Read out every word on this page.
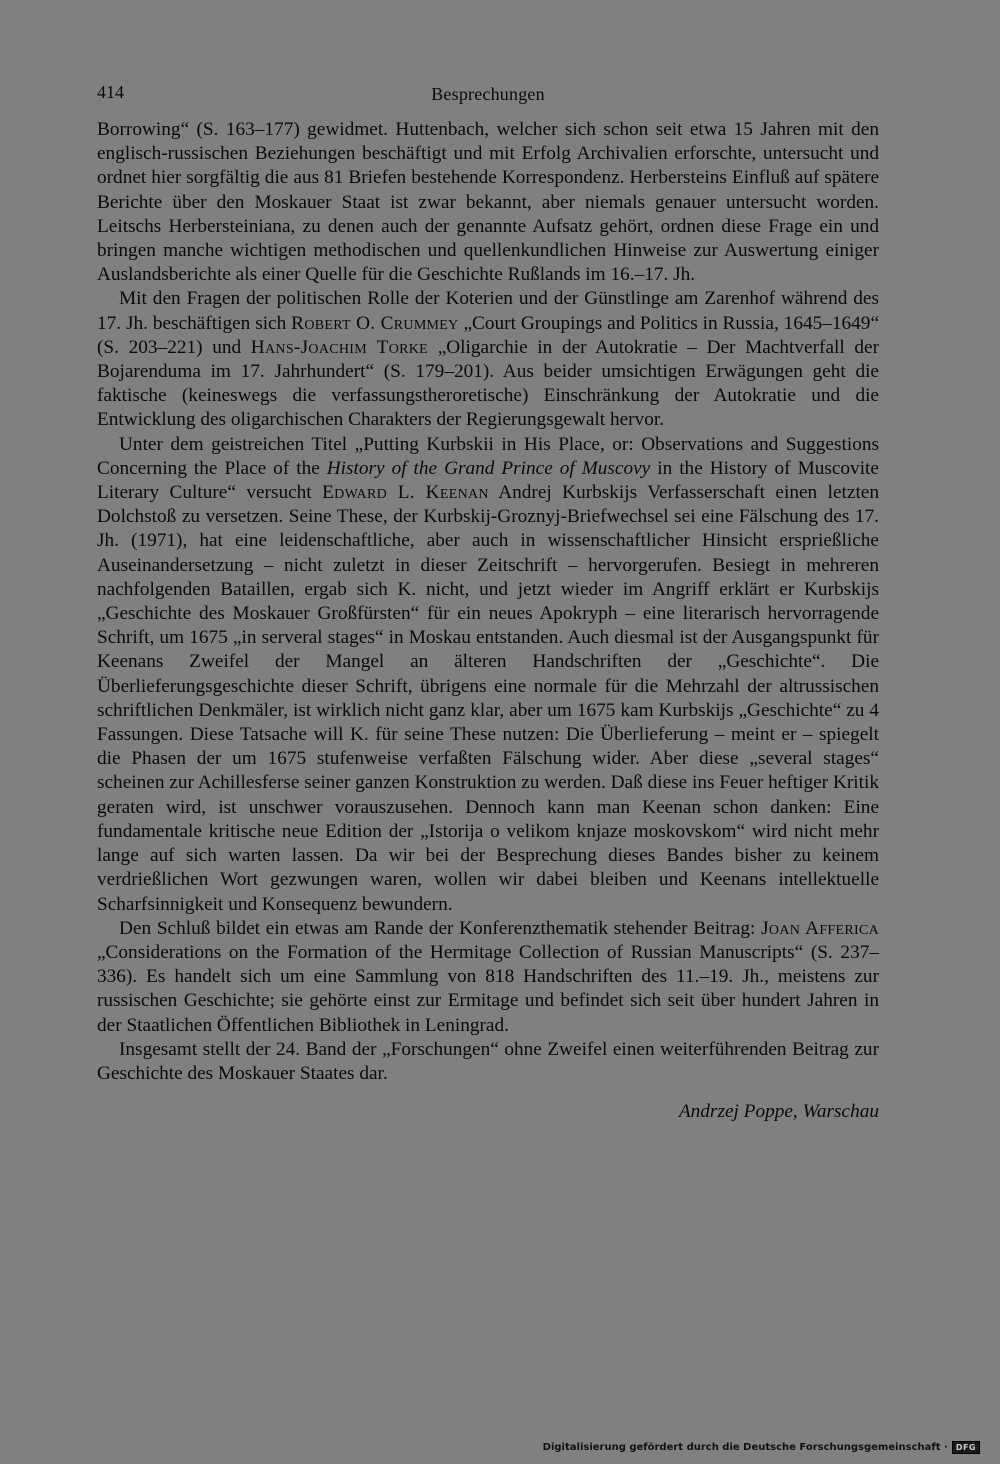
414	Besprechungen

Borrowing“ (S. 163–177) gewidmet. Huttenbach, welcher sich schon seit etwa 15 Jahren mit den englisch-russischen Beziehungen beschäftigt und mit Erfolg Archivalien erforschte, untersucht und ordnet hier sorgfältig die aus 81 Briefen bestehende Korrespondenz. Herbersteins Einfluß auf spätere Berichte über den Moskauer Staat ist zwar bekannt, aber niemals genauer untersucht worden. Leitschs Herbersteiniana, zu denen auch der genannte Aufsatz gehört, ordnen diese Frage ein und bringen manche wichtigen methodischen und quellenkundlichen Hinweise zur Auswertung einiger Auslandsberichte als einer Quelle für die Geschichte Rußlands im 16.–17. Jh.

Mit den Fragen der politischen Rolle der Koterien und der Günstlinge am Zarenhof während des 17. Jh. beschäftigen sich Robert O. Crummey „Court Groupings and Politics in Russia, 1645–1649“ (S. 203–221) und Hans-Joachim Torke „Oligarchie in der Autokratie – Der Machtverfall der Bojarenduma im 17. Jahrhundert“ (S. 179–201). Aus beider umsichtigen Erwägungen geht die faktische (keineswegs die verfassungstheroretische) Einschränkung der Autokratie und die Entwicklung des oligarchischen Charakters der Regierungsgewalt hervor.

Unter dem geistreichen Titel „Putting Kurbskii in His Place, or: Observations and Suggestions Concerning the Place of the History of the Grand Prince of Muscovy in the History of Muscovite Literary Culture“ versucht Edward L. Keenan Andrej Kurbskijs Verfasserschaft einen letzten Dolchstoß zu versetzen. Seine These, der Kurbskij-Groznyj-Briefwechsel sei eine Fälschung des 17. Jh. (1971), hat eine leidenschaftliche, aber auch in wissenschaftlicher Hinsicht ersprießliche Auseinandersetzung – nicht zuletzt in dieser Zeitschrift – hervorgerufen. Besiegt in mehreren nachfolgenden Bataillen, ergab sich K. nicht, und jetzt wieder im Angriff erklärt er Kurbskijs „Geschichte des Moskauer Großfürsten“ für ein neues Apokryph – eine literarisch hervorragende Schrift, um 1675 „in serveral stages“ in Moskau entstanden. Auch diesmal ist der Ausgangspunkt für Keenans Zweifel der Mangel an älteren Handschriften der „Geschichte“. Die Überlieferungsgeschichte dieser Schrift, übrigens eine normale für die Mehrzahl der altrussischen schriftlichen Denkmäler, ist wirklich nicht ganz klar, aber um 1675 kam Kurbskijs „Geschichte“ zu 4 Fassungen. Diese Tatsache will K. für seine These nutzen: Die Überlieferung – meint er – spiegelt die Phasen der um 1675 stufenweise verfaßten Fälschung wider. Aber diese „several stages“ scheinen zur Achillesferse seiner ganzen Konstruktion zu werden. Daß diese ins Feuer heftiger Kritik geraten wird, ist unschwer vorauszusehen. Dennoch kann man Keenan schon danken: Eine fundamentale kritische neue Edition der „Istorija o velikom knjaze moskovskom“ wird nicht mehr lange auf sich warten lassen. Da wir bei der Besprechung dieses Bandes bisher zu keinem verdrießlichen Wort gezwungen waren, wollen wir dabei bleiben und Keenans intellektuelle Scharfsinnigkeit und Konsequenz bewundern.

Den Schluß bildet ein etwas am Rande der Konferenzthematik stehender Beitrag: Joan Afferica „Considerations on the Formation of the Hermitage Collection of Russian Manuscripts“ (S. 237–336). Es handelt sich um eine Sammlung von 818 Handschriften des 11.–19. Jh., meistens zur russischen Geschichte; sie gehörte einst zur Ermitage und befindet sich seit über hundert Jahren in der Staatlichen Öffentlichen Bibliothek in Leningrad.

Insgesamt stellt der 24. Band der „Forschungen“ ohne Zweifel einen weiterführenden Beitrag zur Geschichte des Moskauer Staates dar.

Andrzej Poppe, Warschau
Digitalisierung gefördert durch die Deutsche Forschungsgemeinschaft ·	DFG
